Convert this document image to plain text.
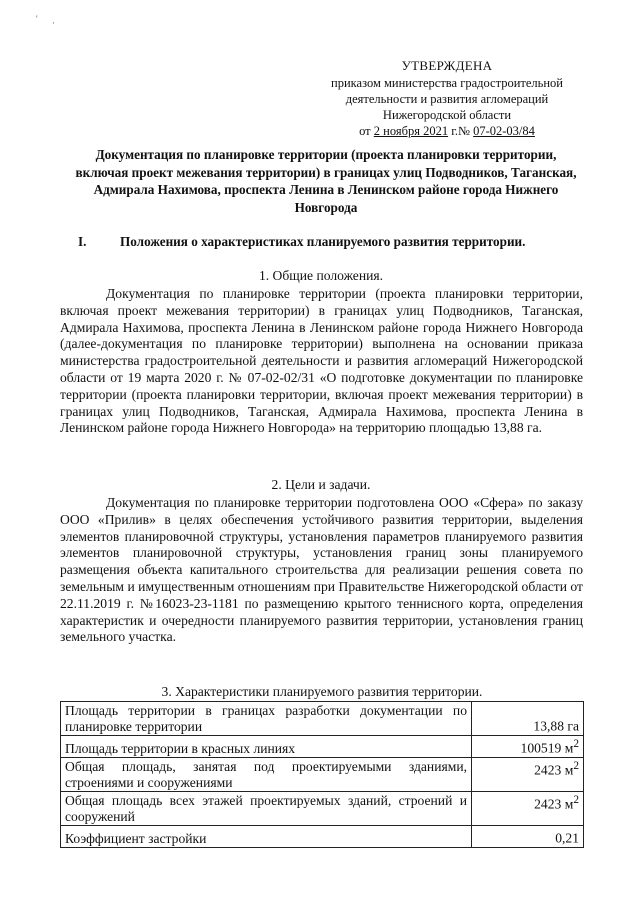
' ·
УТВЕРЖДЕНА
приказом министерства градостроительной
деятельности и развития агломераций
Нижегородской области
от 2 ноября 2021 г.№ 07-02-03/84
Документация по планировке территории (проекта планировки территории, включая проект межевания территории) в границах улиц Подводников, Таганская, Адмирала Нахимова, проспекта Ленина в Ленинском районе города Нижнего Новгорода
I.	Положения о характеристиках планируемого развития территории.
1. Общие положения.

Документация по планировке территории (проекта планировки территории, включая проект межевания территории) в границах улиц Подводников, Таганская, Адмирала Нахимова, проспекта Ленина в Ленинском районе города Нижнего Новгорода (далее-документация по планировке территории) выполнена на основании приказа министерства градостроительной деятельности и развития агломераций Нижегородской области от 19 марта 2020 г. № 07-02-02/31 «О подготовке документации по планировке территории (проекта планировки территории, включая проект межевания территории) в границах улиц Подводников, Таганская, Адмирала Нахимова, проспекта Ленина в Ленинском районе города Нижнего Новгорода» на территорию площадью 13,88 га.

2. Цели и задачи.

Документация по планировке территории подготовлена ООО «Сфера» по заказу ООО «Прилив» в целях обеспечения устойчивого развития территории, выделения элементов планировочной структуры, установления параметров планируемого развития элементов планировочной структуры, установления границ зоны планируемого размещения объекта капитального строительства для реализации решения совета по земельным и имущественным отношениям при Правительстве Нижегородской области от 22.11.2019 г. №16023-23-1181 по размещению крытого теннисного корта, определения характеристик и очередности планируемого развития территории, установления границ земельного участка.

3. Характеристики планируемого развития территории.
Площадь территории в границах разработки документации по планировке территории	13,88 га
Площадь территории в красных линиях	100519 $м^2$
Общая площадь, занятая под проектируемыми зданиями, строениями и сооружениями	2423 $м^2$
Общая площадь всех этажей проектируемых зданий, строений и сооружений	2423 $м^2$
Коэффициент застройки	0,21
